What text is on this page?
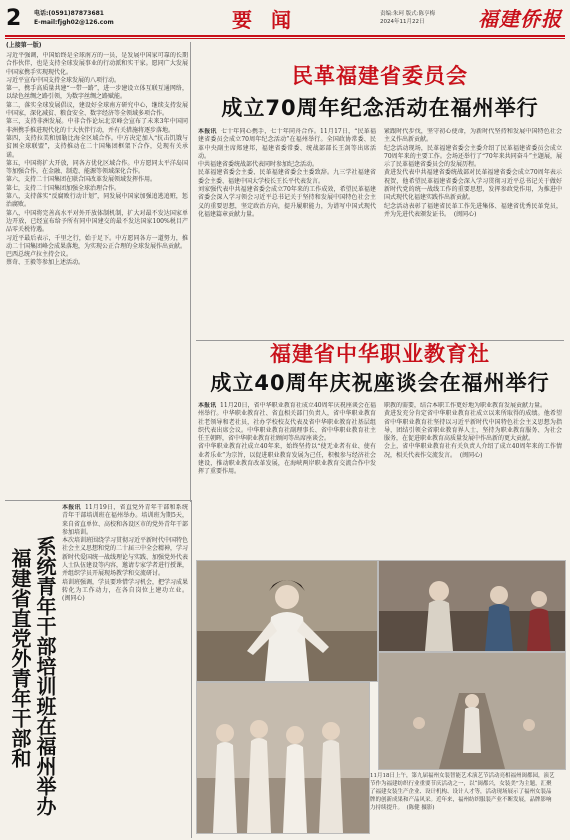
2	电话:(0591)87873681
E-mail:fjgh02@126.com	要 闻	责编:朱珂 版式:陈亨梅
2024年11月22日	福建侨报
(上接第一版)
习近平强调，中国始终是全球南方的一员，是发展中国家可靠的长期合作伙伴，也是支持全球发展事业的行动派和实干家。愿同广大发展中国家携手实现现代化。
习近平宣布中国支持全球发展的八项行动。
第一，携手高质量共建“一带一路”，进一步建设立体互联互通网络，以绿色丝绸之路引领，为数字丝绸之路赋能。
第二，落实全球发展倡议，建设好全球南方研究中心，继续支持发展中国家，深化减贫、粮食安全、数字经济等全领域多项合作。
第三，支持非洲发展。中非合作论坛北京峰会宣布了未来3年中国同非洲携手推进现代化的十大伙伴行动，并有关措施将逐步落地。
第四，支持拉美和加勒比海全区域合作。中方决定加入“抗击饥饿与贫困全球联盟”，支持推动在二十国集团框架下合作，兑现有关承诺。
第五，中国将扩大开放，同各方优化区域合作。中方愿同太平洋岛国等加强合作，在金融、制造、能源等领域深化合作。
第六，支持二十国集团在联合国改革发展领域发挥作用。
第七，支持二十国集团加强全球治理合作。
第八，支持落实“反腐败行动计划”，同发展中国家加强追逃追赃，惩治腐败。
第八，中国将完善高水平对外开放体制机制，扩大对最不发达国家单边开放，已经宣布给予所有同中国建交的最不发达国家100%税目产品零关税待遇。
习近平最后表示，千里之行，始于足下。中方愿同各方一道努力，推动二十国集团峰会成果落地，为实现公正合理的全球发展作出贡献。
巴西总统卢拉主持会议。
蔡奇、王毅等参加上述活动。
民革福建省委员会
成立70周年纪念活动在福州举行
本报讯 七十年同心携手，七十年同舟合作。11月17日，“民革福建省委员会成立70周年纪念活动”在福州举行。全国政协常委、民革中央副主席郑建邦，福建省委常委、统战部部长王剑等出席活动。
中共福建省委统战部代表同时参加纪念活动。
民革福建省委会主委、民革福建省委会主委致辞。九三学社福建省委会主委、福建中国大学校长王长平代表发言。
刘家强代表中共福建省委会成立70年来的工作成效，希望民革福建省委会深入学习领会习近平总书记关于坚持和发展中国特色社会主义的重要思想，坚定政治方向，提升履职能力，为谱写中国式现代化福建篇章贡献力量。
紧跟时代步伐，坚守初心使命，为新时代坚持和发展中国特色社会主义作出新贡献。
纪念活动现场，民革福建省委会主委介绍了民革福建省委员会成立70周年来的主要工作。会场还举行了“70年来共同奋斗”主题展，展示了民革福建省委员会的发展历程。
黄进发代表中共福建省委统战部对民革福建省委会成立70周年表示祝贺，他希望民革福建省委会深入学习贯彻习近平总书记关于做好新时代党的统一战线工作的重要思想，发挥参政党作用，为推进中国式现代化福建实践作出新贡献。
纪念活动表彰了福建省民革工作先进集体、福建省优秀民革党员，并为先进代表颁发证书。 (闽同心)
福建省中华职业教育社
成立40周年庆祝座谈会在福州举行
本报讯 11月20日，省中华职业教育社成立40周年庆祝座谈会在福州举行。中华职业教育社、省直相关部门负责人，省中华职业教育社老领导和老社员，社办学校校友代表及省中华职业教育社基层组织代表出席会议。中华职业教育社副理事长、省中华职业教育社主任王朝晖，省中华职业教育社顾问等出席座谈会。
省中华职业教育社成立40年来，始终坚持以“使无业者有业、使有业者乐业”为宗旨，以促进职业教育发展为己任，积极参与经济社会建设，推动职业教育改革发展，在海峡两岸职业教育交流合作中发挥了重要作用。
职教的需要，结合本职工作更好地为职业教育发展贡献力量。
黄进发充分肯定省中华职业教育社成立以来所取得的成绩。他希望省中华职业教育社坚持以习近平新时代中国特色社会主义思想为指导，团结引领全省职业教育界人士，坚持为职业教育服务、为社会服务，在促进职业教育高质量发展中作出新的更大贡献。
会上，省中华职业教育社有关负责人介绍了成立40周年来的工作情况，相关代表作交流发言。 (闽同心)
福建省直党外青年干部和 系统青年干部培训班在福州举办
本报讯 11月19日，省直党外青年干部和系统青年干部培训班在福州举办。培训班为期5天，来自省直单位、高校和各设区市的党外青年干部参加培训。
本次培训班围绕学习贯彻习近平新时代中国特色社会主义思想和党的二十届三中全会精神，学习新时代爱国统一战线理论与实践、加强党外代表人士队伍建设等内容，邀请专家学者进行授课，并组织学员开展现场教学和交流研讨。
培训班强调，学员要珍惜学习机会，把学习成果转化为工作动力，在各自岗位上建功立业。  (闽同心)
11月18日上午，第九届福州女装智能艺术演艺节活动亮相福州闽都园，演艺节作为福建纺织行业重要节庆活动之一，以“闽都兴，女装美”为主题，汇聚了福建女装生产企业、设计机构、设计人才等，活动现场展示了福州女装品牌的创新成果和产品风采。近年来，福州纺织服装产业不断发展，品牌影响力持续提升。 (陈健 摄影)
